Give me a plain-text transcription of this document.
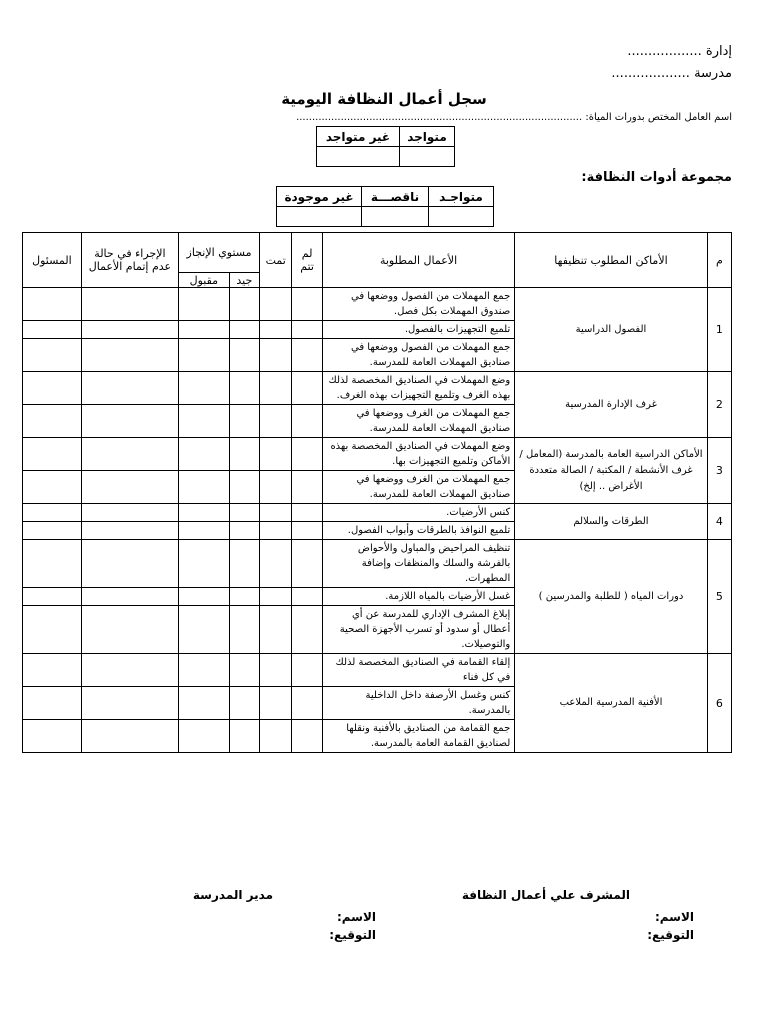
إدارة ..................
مدرسة ...................
سجل أعمال النظافة اليومية
اسم العامل المختص بدورات المياة: ..........................................................................................
متواجد	غير متواجد

مجموعة أدوات النظافة:
متواجـد	ناقصـــة	غير موجودة

م	الأماكن المطلوب تنظيفها	الأعمال المطلوبة	لم تتم	تمت	مستوي الإنجاز		الإجراء في حالة عدم إتمام الأعمال	المسئول
					جيد	مقبول		
1	الفصول الدراسية	جمع المهملات من الفصول ووضعها في صندوق المهملات بكل فصل.						
		تلميع التجهيزات بالفصول.						
		جمع المهملات من الفصول ووضعها في صناديق المهملات العامة للمدرسة.						
2	غرف الإدارة المدرسية	وضع المهملات في الصناديق المخصصة لذلك بهذه الغرف وتلميع التجهيزات بهذه الغرف.						
		جمع المهملات من الغرف ووضعها في صناديق المهملات العامة للمدرسة.						
3	الأماكن الدراسية العامة بالمدرسة (المعامل / غرف الأنشطة / المكتبة / الصالة متعددة الأغراض .. إلخ)	وضع المهملات في الصناديق المخصصة بهذه الأماكن وتلميع التجهيزات بها.						
		جمع المهملات من الغرف ووضعها في صناديق المهملات العامة للمدرسة.						
4	الطرقات والسلالم	كنس الأرضيات.						
		تلميع النوافذ بالطرقات وأبواب الفصول.						
5	دورات المياه ( للطلبة والمدرسين )	تنظيف المراحيض والمباول والأحواض بالفرشة والسلك والمنظفات وإضافة المطهرات.						
		غسل الأرضيات بالمياه اللازمة.						
		إبلاغ المشرف الإداري للمدرسة عن أي أعطال أو سدود أو تسرب الأجهزة الصحية والتوصيلات.						
6	الأفنية المدرسية الملاعب	إلقاء القمامة في الصناديق المخصصة لذلك في كل فناء						
		كنس وغسل الأرصفة داخل الداخلية بالمدرسة.						
		جمع القمامة من الصناديق بالأفنية ونقلها لصناديق القمامة العامة بالمدرسة.						
المشرف علي أعمال النظافة
مدير المدرسة
الاسم:
التوقيع:
الاسم:
التوقيع:
